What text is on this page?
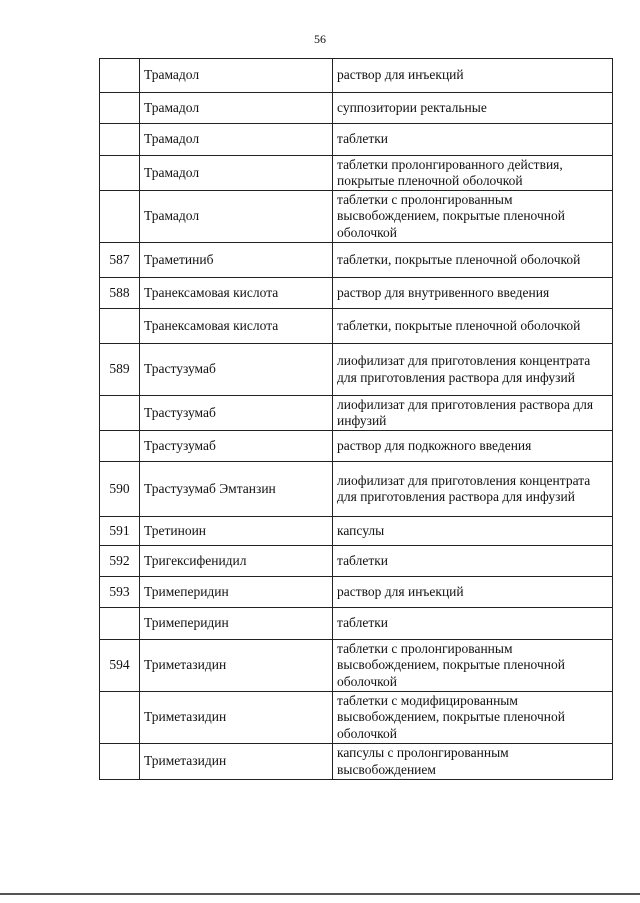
56
	Трамадол	раствор для инъекций
	Трамадол	суппозитории ректальные
	Трамадол	таблетки
	Трамадол	таблетки пролонгированного действия, покрытые пленочной оболочкой
	Трамадол	таблетки с пролонгированным высвобождением, покрытые пленочной оболочкой
587	Траметиниб	таблетки, покрытые пленочной оболочкой
588	Транексамовая кислота	раствор для внутривенного введения
	Транексамовая кислота	таблетки, покрытые пленочной оболочкой
589	Трастузумаб	лиофилизат для приготовления концентрата для приготовления раствора для инфузий
	Трастузумаб	лиофилизат для приготовления раствора для инфузий
	Трастузумаб	раствор для подкожного введения
590	Трастузумаб Эмтанзин	лиофилизат для приготовления концентрата для приготовления раствора для инфузий
591	Третиноин	капсулы
592	Тригексифенидил	таблетки
593	Тримеперидин	раствор для инъекций
	Тримеперидин	таблетки
594	Триметазидин	таблетки с пролонгированным высвобождением, покрытые пленочной оболочкой
	Триметазидин	таблетки с модифицированным высвобождением, покрытые пленочной оболочкой
	Триметазидин	капсулы с пролонгированным высвобождением
